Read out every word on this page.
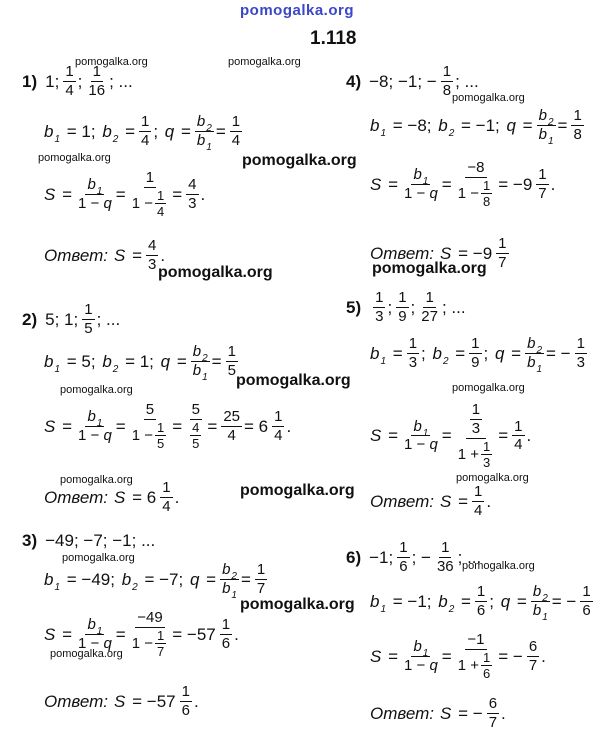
pomogalka.org
1.118
pomogalka.org	pomogalka.org
pomogalka.org	pomogalka.org
pomogalka.org
pomogalka.org
pomogalka.org
pomogalka.org
pomogalka.org	pomogalka.org
pomogalka.org
pomogalka.org
pomogalka.org
pomogalka.org
pomogalka.org
pomogalka.org
pomogalka.org
1) 1; $\frac{1}{4}$ ; $\frac{1}{16}$ ; ...
$b_1 = 1$; $b_2 = \frac{1}{4}$ ; $q = \frac{b_2}{b_1} = \frac{1}{4}$
$S = \frac{b_1}{1 - q} = \frac{1}{1 - \frac{1}{4}} = \frac{4}{3}$ .
Ответ: $S = \frac{4}{3}$ .
2) 5; 1; $\frac{1}{5}$ ; ...
$b_1 = 5$; $b_2 = 1$; $q = \frac{b_2}{b_1} = \frac{1}{5}$
$S = \frac{b_1}{1 - q} = \frac{5}{1 - \frac{1}{5}} = \frac{5}{\frac{4}{5}} = \frac{25}{4} = 6 \frac{1}{4}$ .
Ответ: $S = 6 \frac{1}{4}$ .
3) −49; −7; −1; ...
$b_1 = -49$; $b_2 = -7$; $q = \frac{b_2}{b_1} = \frac{1}{7}$
$S = \frac{b_1}{1 - q} = \frac{-49}{1 - \frac{1}{7}} = -57 \frac{1}{6}$ .
Ответ: $S = -57 \frac{1}{6}$ .
4) −8; −1; − $\frac{1}{8}$ ; ...
$b_1 = -8$; $b_2 = -1$; $q = \frac{b_2}{b_1} = \frac{1}{8}$
$S = \frac{b_1}{1 - q} = \frac{-8}{1 - \frac{1}{8}} = -9 \frac{1}{7}$ .
Ответ: $S = -9 \frac{1}{7}$
$5) \frac{1}{3}$ ; $\frac{1}{9}$ ; $\frac{1}{27}$ ; ...
$b_1 = \frac{1}{3}$ ; $b_2 = \frac{1}{9}$ ; $q = \frac{b_2}{b_1}$ = − $\frac{1}{3}$
$S = \frac{b_1}{1 - q} = \frac{\frac{1}{3}}{1 + \frac{1}{3}} = \frac{1}{4}$ .
Ответ: $S = \frac{1}{4}$ .
6) −1; $\frac{1}{6}$ ; − $\frac{1}{36}$ ; ...
$b_1 = -1$; $b_2 = \frac{1}{6}$ ; $q = \frac{b_2}{b_1}$ = − $\frac{1}{6}$
$S = \frac{b_1}{1 - q} = \frac{-1}{1 + \frac{1}{6}}$ = − $\frac{6}{7}$ .
Ответ: S = − $\frac{6}{7}$ .
